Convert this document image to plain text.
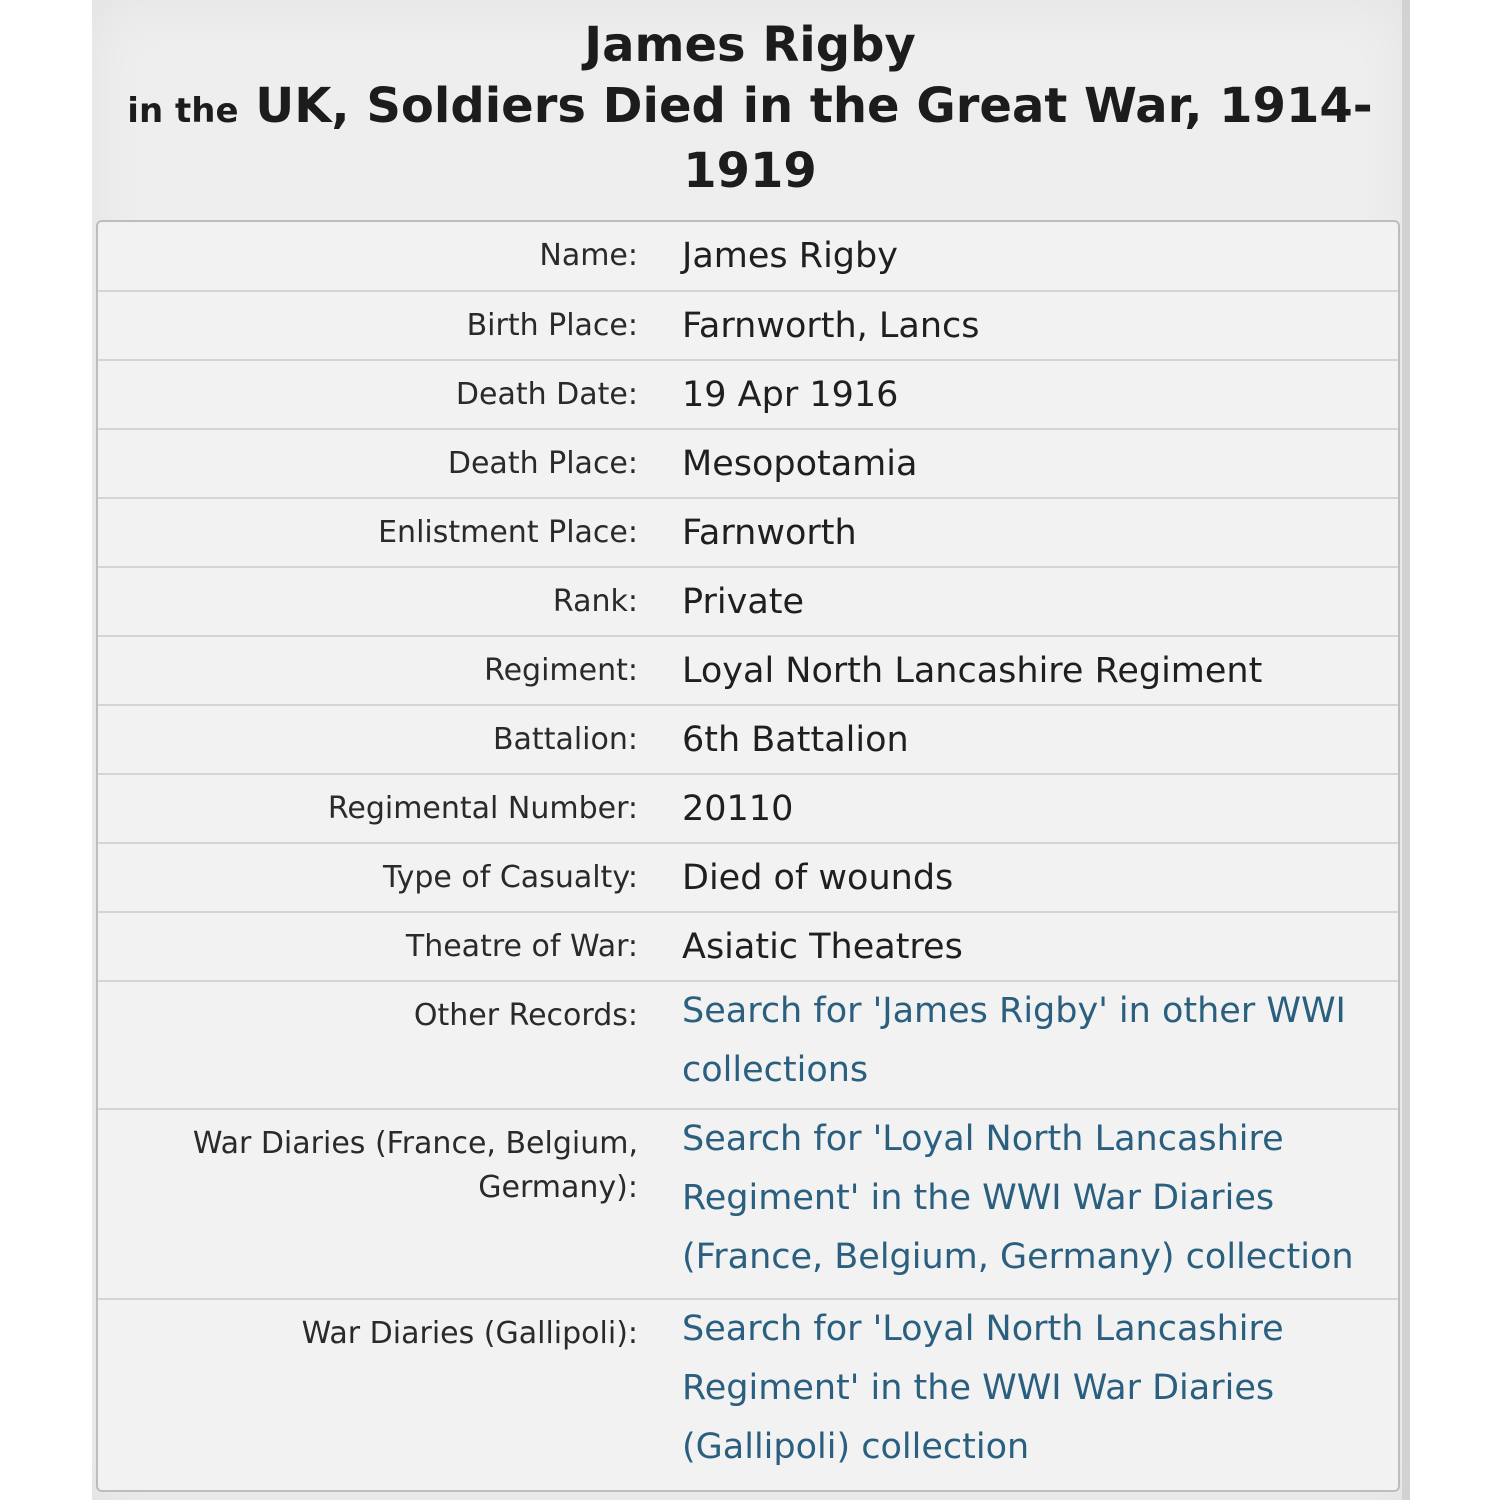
James Rigby
in the UK, Soldiers Died in the Great War, 1914-1919
Name:	James Rigby
Birth Place:	Farnworth, Lancs
Death Date:	19 Apr 1916
Death Place:	Mesopotamia
Enlistment Place:	Farnworth
Rank:	Private
Regiment:	Loyal North Lancashire Regiment
Battalion:	6th Battalion
Regimental Number:	20110
Type of Casualty:	Died of wounds
Theatre of War:	Asiatic Theatres
Other Records:	Search for 'James Rigby' in other WWI collections
War Diaries (France, Belgium, Germany):
Search for 'Loyal North Lancashire Regiment' in the WWI War Diaries (France, Belgium, Germany) collection
War Diaries (Gallipoli):	Search for 'Loyal North Lancashire Regiment' in the WWI War Diaries (Gallipoli) collection
